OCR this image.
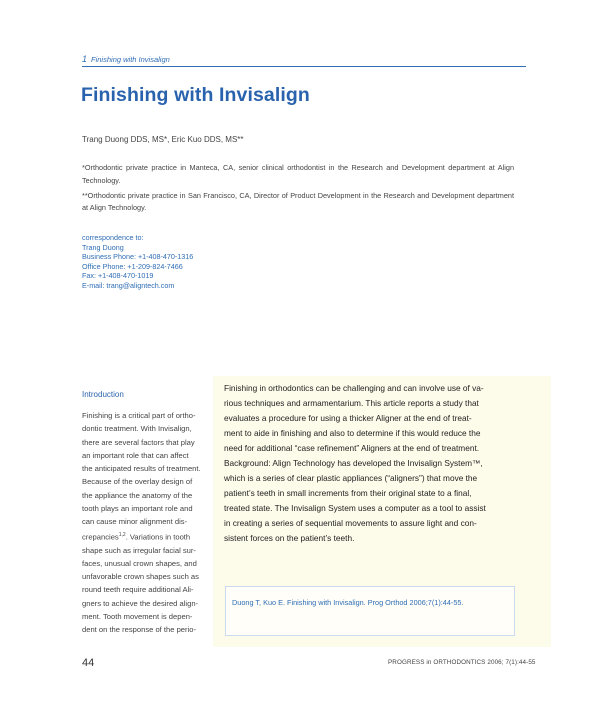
1 Finishing with Invisalign
Finishing with Invisalign
Trang Duong DDS, MS*, Eric Kuo DDS, MS**

*Orthodontic private practice in Manteca, CA, senior clinical orthodontist in the Research and Development department at Align Technology.

**Orthodontic private practice in San Francisco, CA, Director of Product Development in the Research and Development department at Align Technology.

correspondence to:
Trang Duong
Business Phone: +1-408-470-1316
Office Phone: +1-209-824-7466
Fax: +1-408-470-1019
E-mail: trang@aligntech.com
Introduction
Finishing is a critical part of ortho-
dontic treatment. With Invisalign,
there are several factors that play
an important role that can affect
the anticipated results of treatment.
Because of the overlay design of
the appliance the anatomy of the
tooth plays an important role and
can cause minor alignment dis-
crepancies$^{1,2}$. Variations in tooth
shape such as irregular facial sur-
faces, unusual crown shapes, and
unfavorable crown shapes such as
round teeth require additional Ali-
gners to achieve the desired align-
ment. Tooth movement is depen-
dent on the response of the perio-
Finishing in orthodontics can be challenging and can involve use of va-
rious techniques and armamentarium. This article reports a study that
evaluates a procedure for using a thicker Aligner at the end of treat-
ment to aide in finishing and also to determine if this would reduce the
need for additional “case refinement” Aligners at the end of treatment.
Background: Align Technology has developed the Invisalign System™,
which is a series of clear plastic appliances (“aligners”) that move the
patient’s teeth in small increments from their original state to a final,
treated state. The Invisalign System uses a computer as a tool to assist
in creating a series of sequential movements to assure light and con-
sistent forces on the patient’s teeth.
Duong T, Kuo E. Finishing with Invisalign. Prog Orthod 2006;7(1):44-55.
44	PROGRESS in ORTHODONTICS 2006; 7(1):44-55
